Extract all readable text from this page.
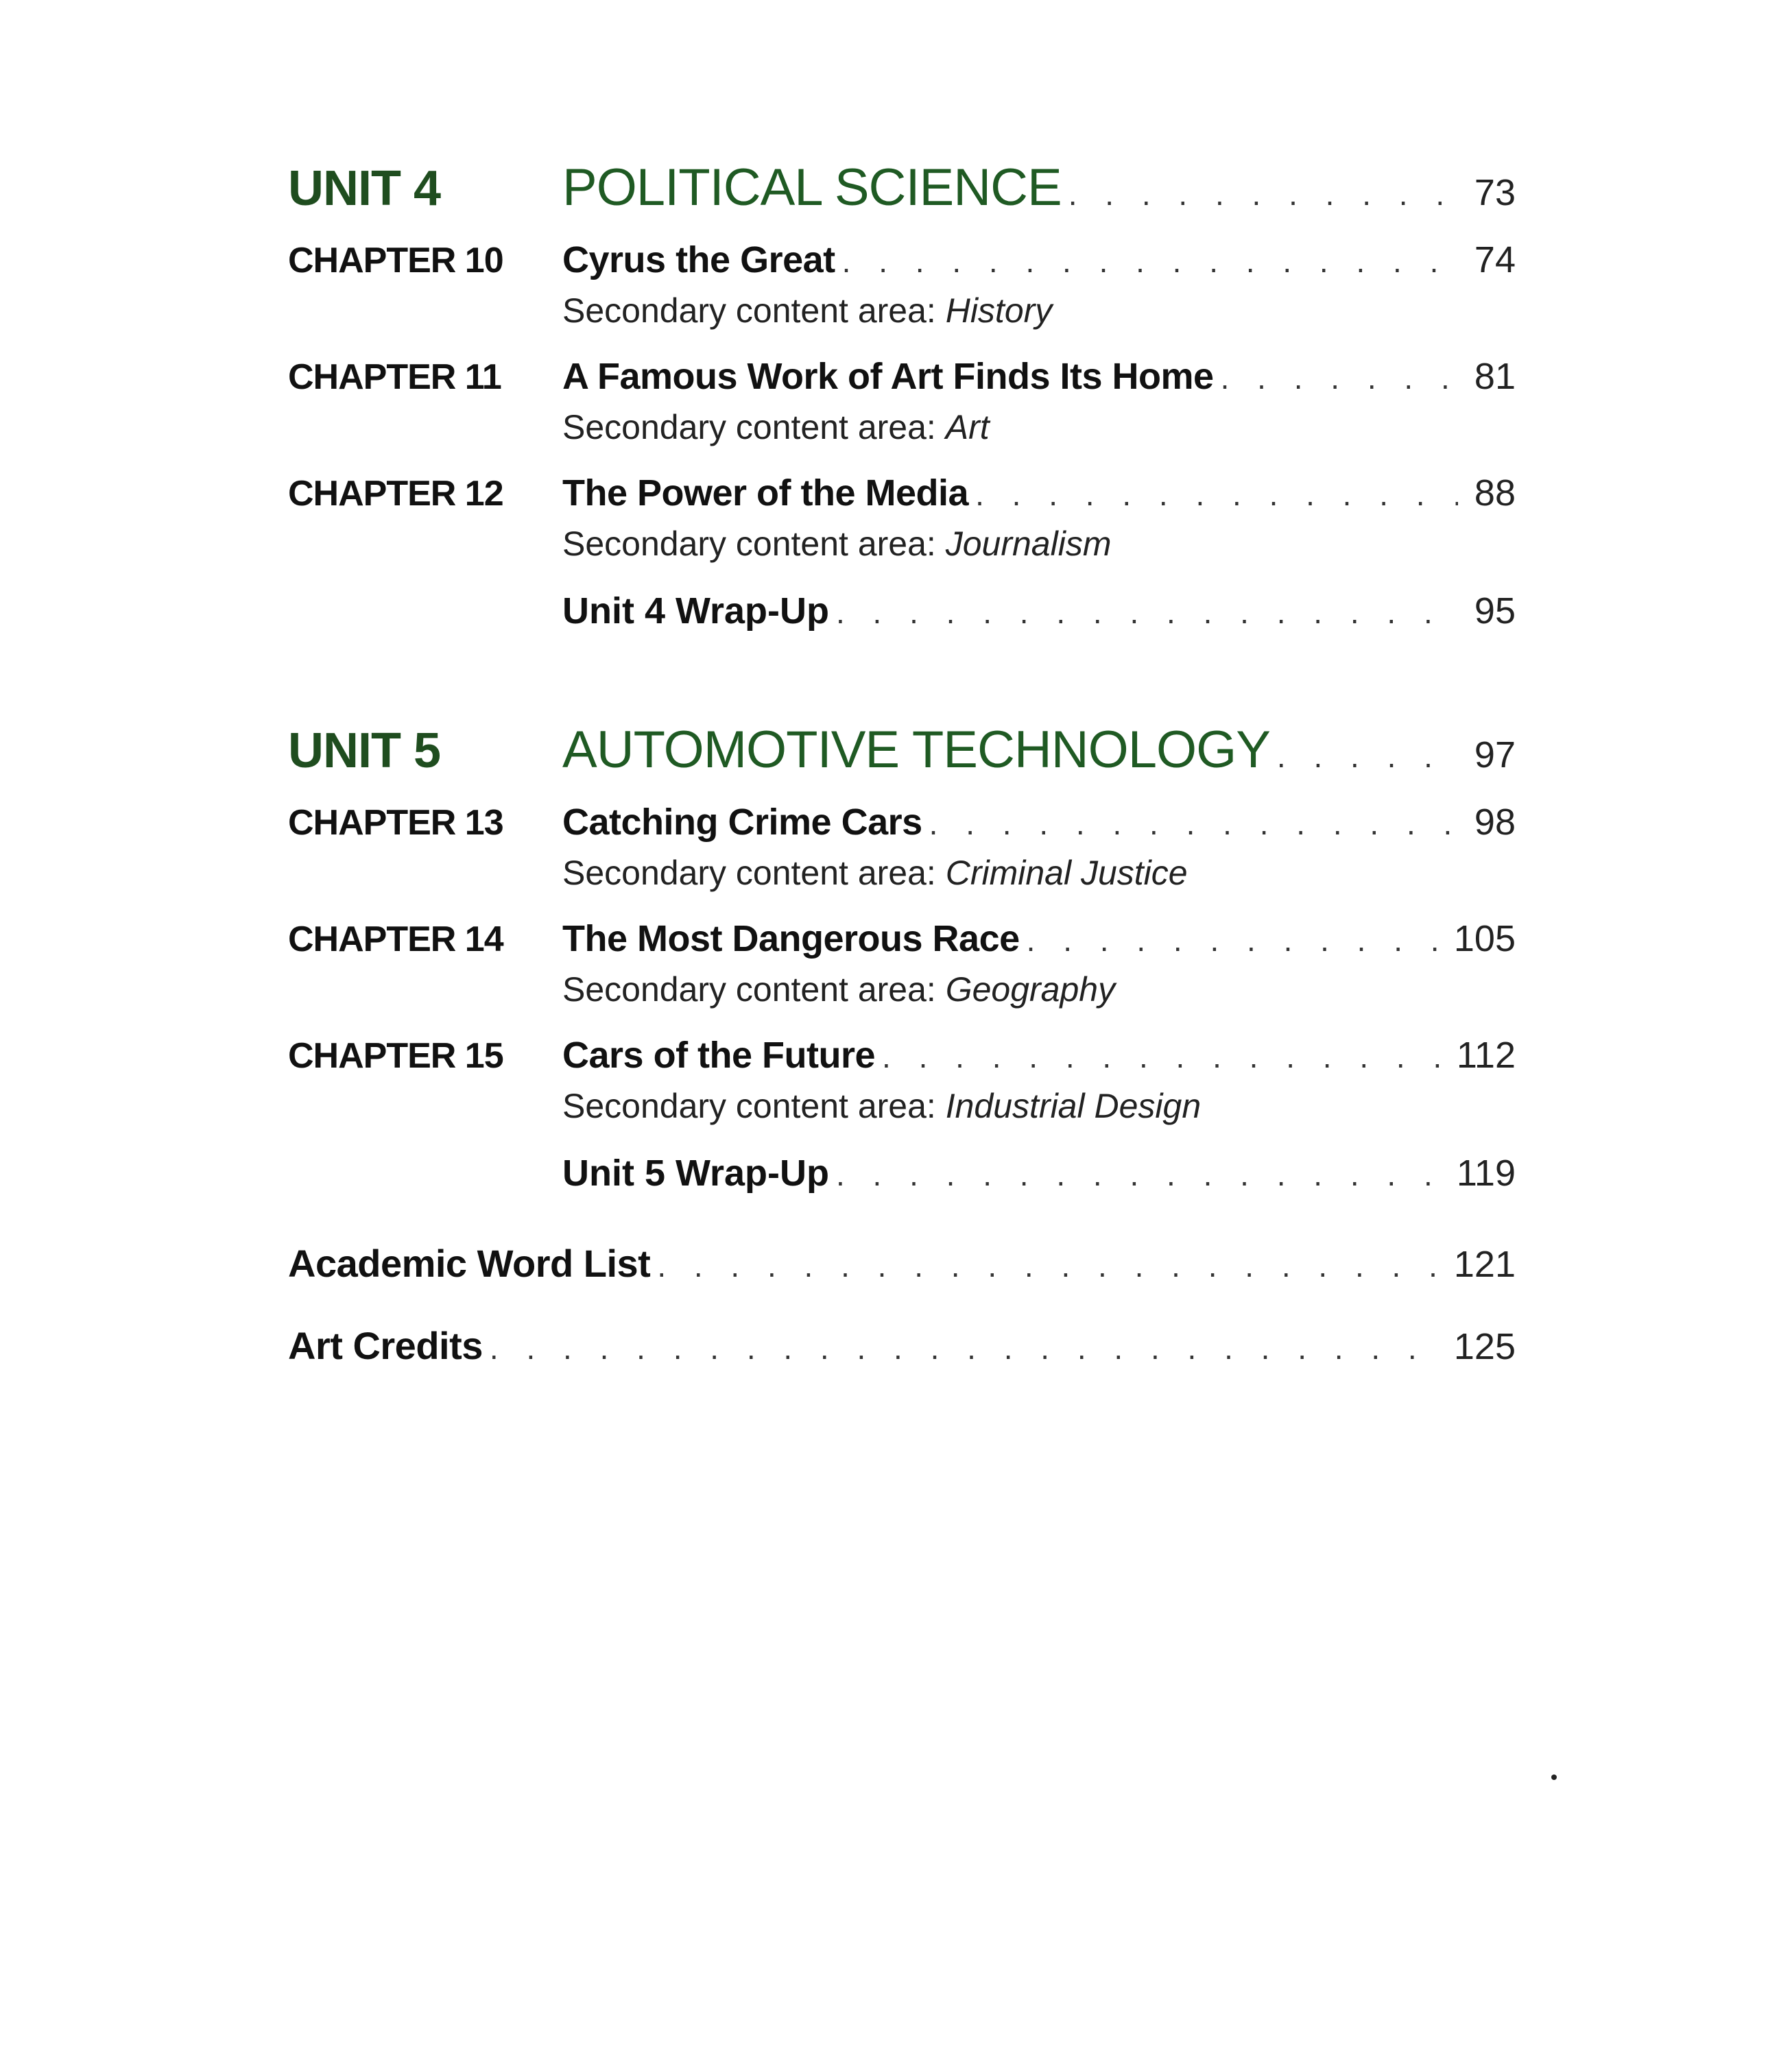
UNIT 4	POLITICAL SCIENCE . . .	73
CHAPTER 10	Cyrus the Great . . .	74
Secondary content area: History
CHAPTER 11	A Famous Work of Art Finds Its Home . . .	81
Secondary content area: Art
CHAPTER 12	The Power of the Media . . .	88
Secondary content area: Journalism
Unit 4 Wrap-Up . . .	95
UNIT 5	AUTOMOTIVE TECHNOLOGY . . .	97
CHAPTER 13	Catching Crime Cars . . .	98
Secondary content area: Criminal Justice
CHAPTER 14	The Most Dangerous Race . . .	105
Secondary content area: Geography
CHAPTER 15	Cars of the Future . . .	112
Secondary content area: Industrial Design
Unit 5 Wrap-Up . . .	119
Academic Word List . . .	121
Art Credits . . .	125
